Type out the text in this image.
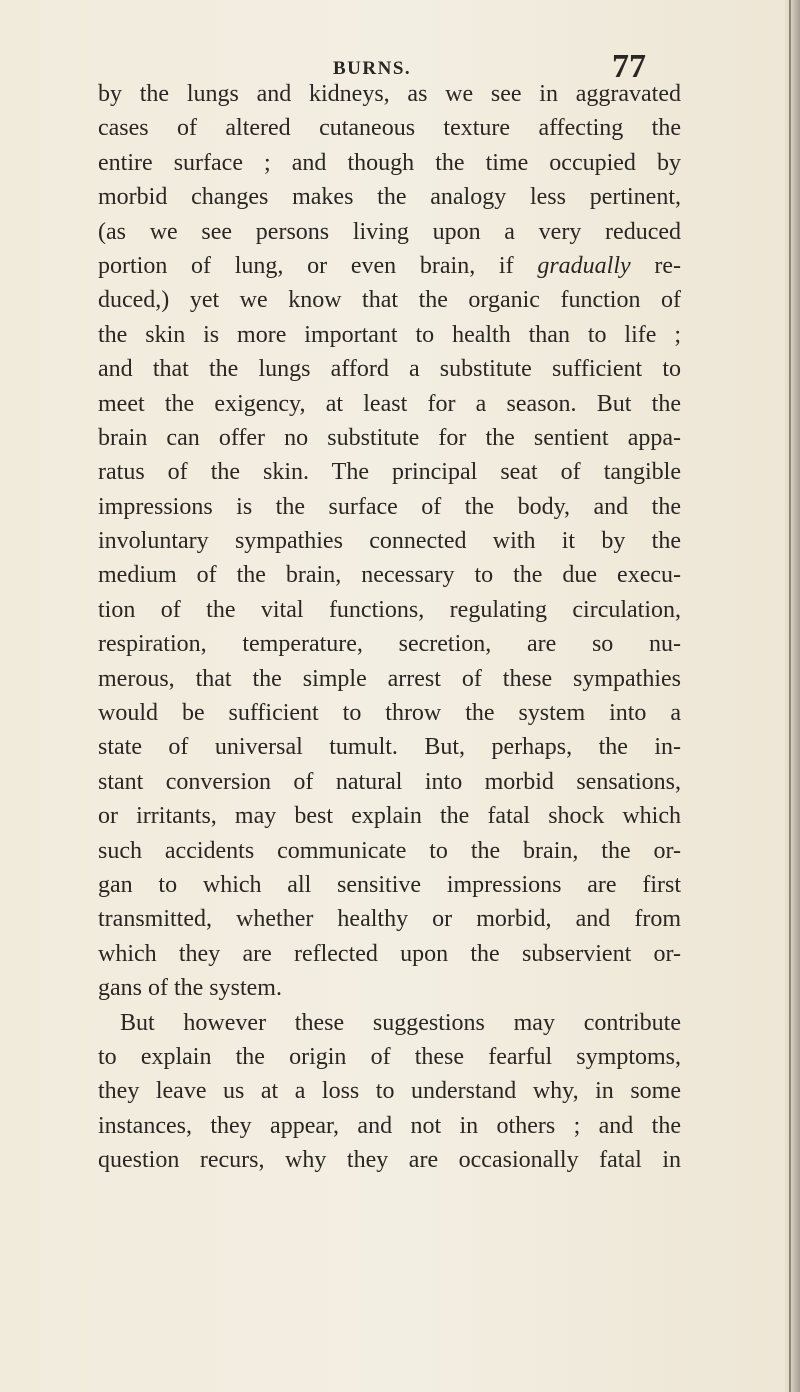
BURNS.	77
by the lungs and kidneys, as we see in aggravated
cases of altered cutaneous texture affecting the
entire surface ; and though the time occupied by
morbid changes makes the analogy less pertinent,
(as we see persons living upon a very reduced
portion of lung, or even brain, if gradually re-
duced,) yet we know that the organic function of
the skin is more important to health than to life ;
and that the lungs afford a substitute sufficient to
meet the exigency, at least for a season. But the
brain can offer no substitute for the sentient appa-
ratus of the skin. The principal seat of tangible
impressions is the surface of the body, and the
involuntary sympathies connected with it by the
medium of the brain, necessary to the due execu-
tion of the vital functions, regulating circulation,
respiration, temperature, secretion, are so nu-
merous, that the simple arrest of these sympathies
would be sufficient to throw the system into a
state of universal tumult. But, perhaps, the in-
stant conversion of natural into morbid sensations,
or irritants, may best explain the fatal shock which
such accidents communicate to the brain, the or-
gan to which all sensitive impressions are first
transmitted, whether healthy or morbid, and from
which they are reflected upon the subservient or-
gans of the system.
But however these suggestions may contribute
to explain the origin of these fearful symptoms,
they leave us at a loss to understand why, in some
instances, they appear, and not in others ; and the
question recurs, why they are occasionally fatal in
